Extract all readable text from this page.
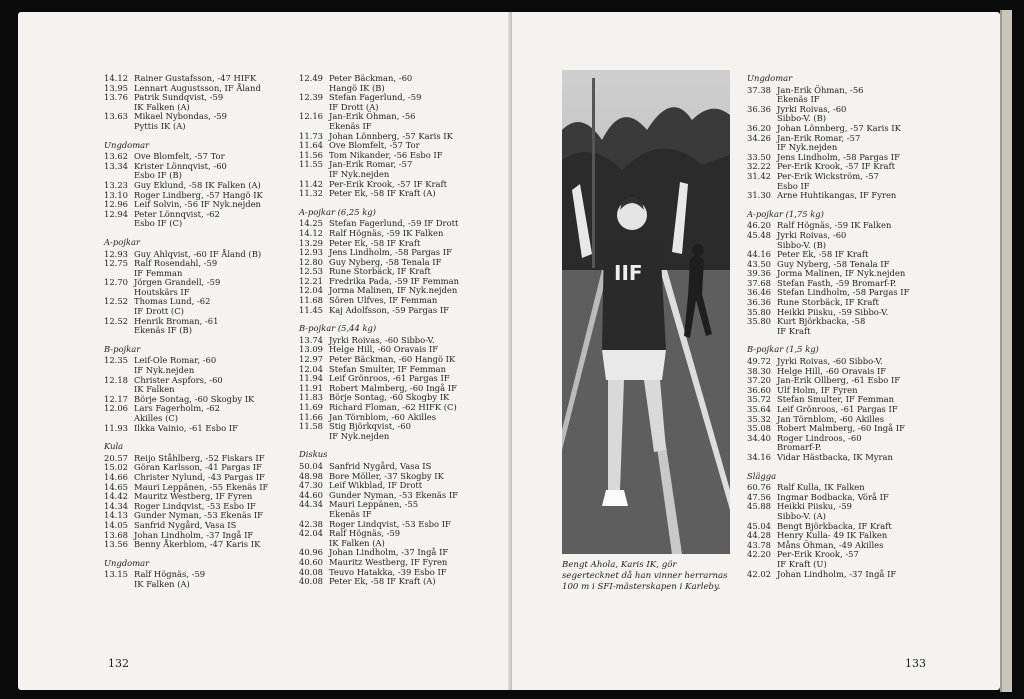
14.12 Rainer Gustafsson, -47 HIFK
13.95 Lennart Augustsson, IF Åland
13.76 Patrik Sundqvist, -59
IK Falken (A)
13.63 Mikael Nybondas, -59
Pyttis IK (A)
Ungdomar
13.62 Ove Blomfelt, -57 Tor
13.34 Krister Lönnqvist, -60
Esbo IF (B)
13.23 Guy Eklund, -58 IK Falken (A)
13.10 Roger Lindberg, -57 Hangö IK
12.96 Leif Solvin, -56 IF Nyk.nejden
12.94 Peter Lönnqvist, -62
Esbo IF (C)
A-pojkar
12.93 Guy Ahlqvist, -60 IF Åland (B)
12.75 Ralf Rosendahl, -59
IF Femman
12.70 Jörgen Grandell, -59
Houtskärs IF
12.52 Thomas Lund, -62
IF Drott (C)
12.52 Henrik Broman, -61
Ekenäs IF (B)
B-pojkar
12.35 Leif-Ole Romar, -60
IF Nyk.nejden
12.18 Christer Aspfors, -60
IK Falken
12.17 Börje Sontag, -60 Skogby IK
12.06 Lars Fagerholm, -62
Akilles (C)
11.93 Ilkka Vainio, -61 Esbo IF
Kula
20.57 Reijo Ståhlberg, -52 Fiskars IF
15.02 Göran Karlsson, -41 Pargas IF
14.66 Christer Nylund, -43 Pargas IF
14.65 Mauri Leppänen, -55 Ekenäs IF
14.42 Mauritz Westberg, IF Fyren
14.34 Roger Lindqvist, -53 Esbo IF
14.13 Gunder Nyman, -53 Ekenäs IF
14.05 Sanfrid Nygård, Vasa IS
13.68 Johan Lindholm, -37 Ingå IF
13.56 Benny Åkerblom, -47 Karis IK
Ungdomar
13.15 Ralf Högnäs, -59
IK Falken (A)
12.49 Peter Bäckman, -60
Hangö IK (B)
12.39 Stefan Fagerlund, -59
IF Drott (A)
12.16 Jan-Erik Öhman, -56
Ekenäs IF
11.73 Johan Lönnberg, -57 Karis IK
11.64 Ove Blomfelt, -57 Tor
11.56 Tom Nikander, -56 Esbo IF
11.55 Jan-Erik Romar, -57
IF Nyk.nejden
11.42 Per-Erik Krook, -57 IF Kraft
11.32 Peter Ek, -58 IF Kraft (A)
A-pojkar (6,25 kg)
14.25 Stefan Fagerlund, -59 IF Drott
14.12 Ralf Högnäs, -59 IK Falken
13.29 Peter Ek, -58 IF Kraft
12.93 Jens Lindholm, -58 Pargas IF
12.80 Guy Nyberg, -58 Tenala IF
12.53 Rune Storbäck, IF Kraft
12.21 Fredrika Pada, -59 IF Femman
12.04 Jorma Malinen, IF Nyk.nejden
11.68 Sören Ulfves, IF Femman
11.45 Kaj Adolfsson, -59 Pargas IF
B-pojkar (5,44 kg)
13.74 Jyrki Roivas, -60 Sibbo-V.
13.09 Helge Hill, -60 Oravais IF
12.97 Peter Bäckman, -60 Hangö IK
12.04 Stefan Smulter, IF Femman
11.94 Leif Grönroos, -61 Pargas IF
11.91 Robert Malmberg, -60 Ingå IF
11.83 Börje Sontag, -60 Skogby IK
11.69 Richard Floman, -62 HIFK (C)
11.66 Jan Törnblom, -60 Akilles
11.58 Stig Björkqvist, -60
IF Nyk.nejden
Diskus
50.04 Sanfrid Nygård, Vasa IS
48.98 Bore Möller, -37 Skogby IK
47.30 Leif Wikblad, IF Drott
44.60 Gunder Nyman, -53 Ekenäs IF
44.34 Mauri Leppänen, -55
Ekenäs IF
42.38 Roger Lindqvist, -53 Esbo IF
42.04 Ralf Högnäs, -59
IK Falken (A)
40.96 Johan Lindholm, -37 Ingå IF
40.60 Mauritz Westberg, IF Fyren
40.08 Teuvo Hatakka, -39 Esbo IF
40.08 Peter Ek, -58 IF Kraft (A)
132
IIF
Bengt Ahola, Karis IK, gör segertecknet då han vinner herrarnas 100 m i SFI-mästerskapen i Karleby.
Ungdomar
37.38 Jan-Erik Öhman, -56
Ekenäs IF
36.36 Jyrki Roivas, -60
Sibbo-V. (B)
36.20 Johan Lönnberg, -57 Karis IK
34.26 Jan-Erik Romar, -57
IF Nyk.nejden
33.50 Jens Lindholm, -58 Pargas IF
32.22 Per-Erik Krook, -57 IF Kraft
31.42 Per-Erik Wickström, -57
Esbo IF
31.30 Arne Huhtikangas, IF Fyren
A-pojkar (1,75 kg)
46.20 Ralf Högnäs, -59 IK Falken
45.48 Jyrki Roivas, -60
Sibbo-V. (B)
44.16 Peter Ek, -58 IF Kraft
43.50 Guy Nyberg, -58 Tenala IF
39.36 Jorma Malinen, IF Nyk.nejden
37.68 Stefan Fasth, -59 Bromarf-P.
36.46 Stefan Lindholm, -58 Pargas IF
36.36 Rune Storbäck, IF Kraft
35.80 Heikki Piisku, -59 Sibbo-V.
35.80 Kurt Björkbacka, -58
IF Kraft
B-pojkar (1,5 kg)
49.72 Jyrki Roivas, -60 Sibbo-V.
38.30 Helge Hill, -60 Oravais IF
37.20 Jan-Erik Ollberg, -61 Esbo IF
36.60 Ulf Holm, IF Fyren
35.72 Stefan Smulter, IF Femman
35.64 Leif Grönroos, -61 Pargas IF
35.32 Jan Törnblom, -60 Akilles
35.08 Robert Malmberg, -60 Ingå IF
34.40 Roger Lindroos, -60
Bromarf-P.
34.16 Vidar Hästbacka, IK Myran
Slägga
60.76 Ralf Kulla, IK Falken
47.56 Ingmar Bodbacka, Vörå IF
45.88 Heikki Piisku, -59
Sibbo-V. (A)
45.04 Bengt Björkbacka, IF Kraft
44.28 Henry Kulla- 49 IK Falken
43.78 Måns Öhman, -49 Akilles
42.20 Per-Erik Krook, -57
IF Kraft (U)
42.02 Johan Lindholm, -37 Ingå IF
133
